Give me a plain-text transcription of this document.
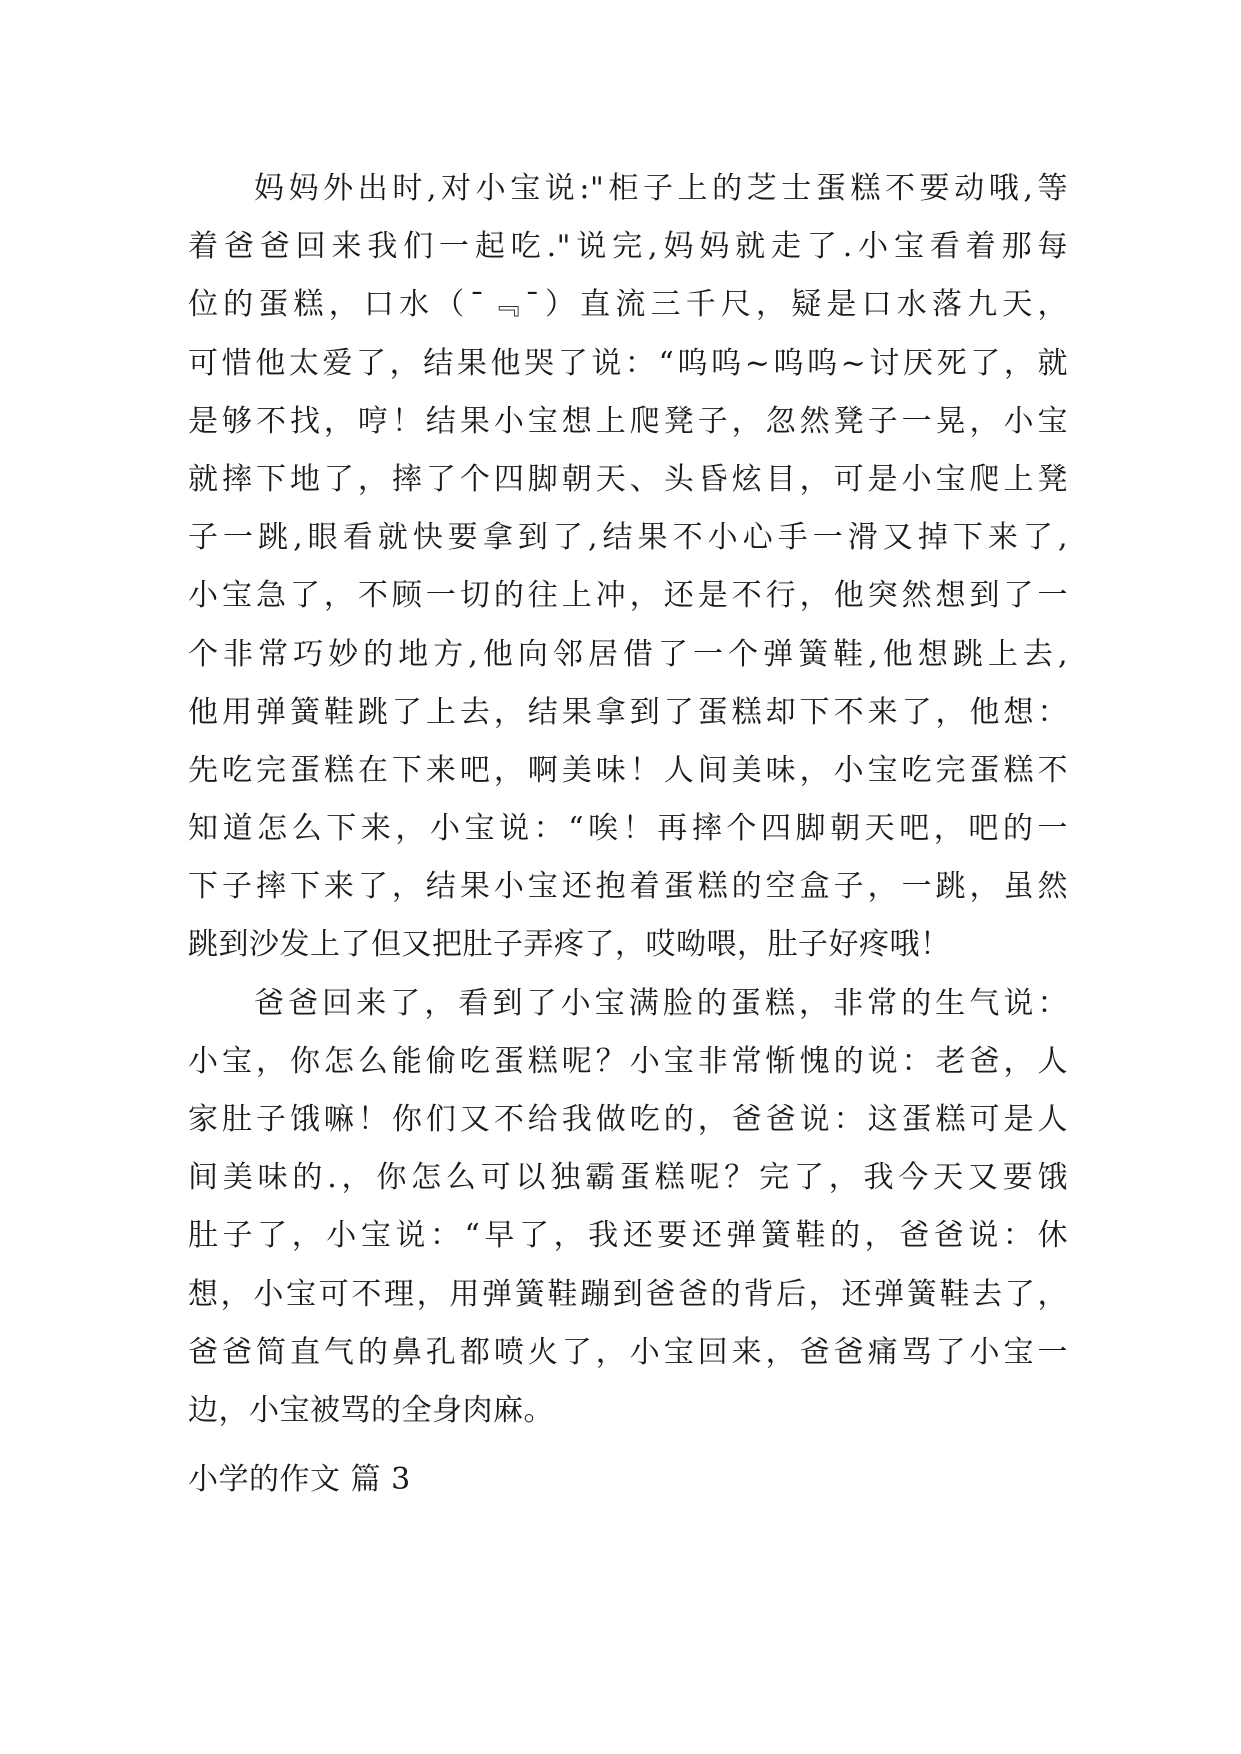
妈妈外出时,对小宝说:"柜子上的芝士蛋糕不要动哦,等
着爸爸回来我们一起吃."说完,妈妈就走了.小宝看着那每
位的蛋糕，口水（¯﹃¯）直流三千尺，疑是口水落九天，
可惜他太爱了，结果他哭了说：“呜呜~呜呜~讨厌死了，就
是够不找，哼！结果小宝想上爬凳子，忽然凳子一晃，小宝
就摔下地了，摔了个四脚朝天、头昏炫目，可是小宝爬上凳
子一跳,眼看就快要拿到了,结果不小心手一滑又掉下来了,
小宝急了，不顾一切的往上冲，还是不行，他突然想到了一
个非常巧妙的地方,他向邻居借了一个弹簧鞋,他想跳上去,
他用弹簧鞋跳了上去，结果拿到了蛋糕却下不来了，他想：
先吃完蛋糕在下来吧，啊美味！人间美味，小宝吃完蛋糕不
知道怎么下来，小宝说：“唉！再摔个四脚朝天吧，吧的一
下子摔下来了，结果小宝还抱着蛋糕的空盒子，一跳，虽然
跳到沙发上了但又把肚子弄疼了，哎呦喂，肚子好疼哦！
爸爸回来了，看到了小宝满脸的蛋糕，非常的生气说：
小宝，你怎么能偷吃蛋糕呢？小宝非常惭愧的说：老爸，人
家肚子饿嘛！你们又不给我做吃的，爸爸说：这蛋糕可是人
间美味的.，你怎么可以独霸蛋糕呢？完了，我今天又要饿
肚子了，小宝说：“早了，我还要还弹簧鞋的，爸爸说：休
想，小宝可不理，用弹簧鞋蹦到爸爸的背后，还弹簧鞋去了，
爸爸简直气的鼻孔都喷火了，小宝回来，爸爸痛骂了小宝一
边，小宝被骂的全身肉麻。
小学的作文 篇 3
